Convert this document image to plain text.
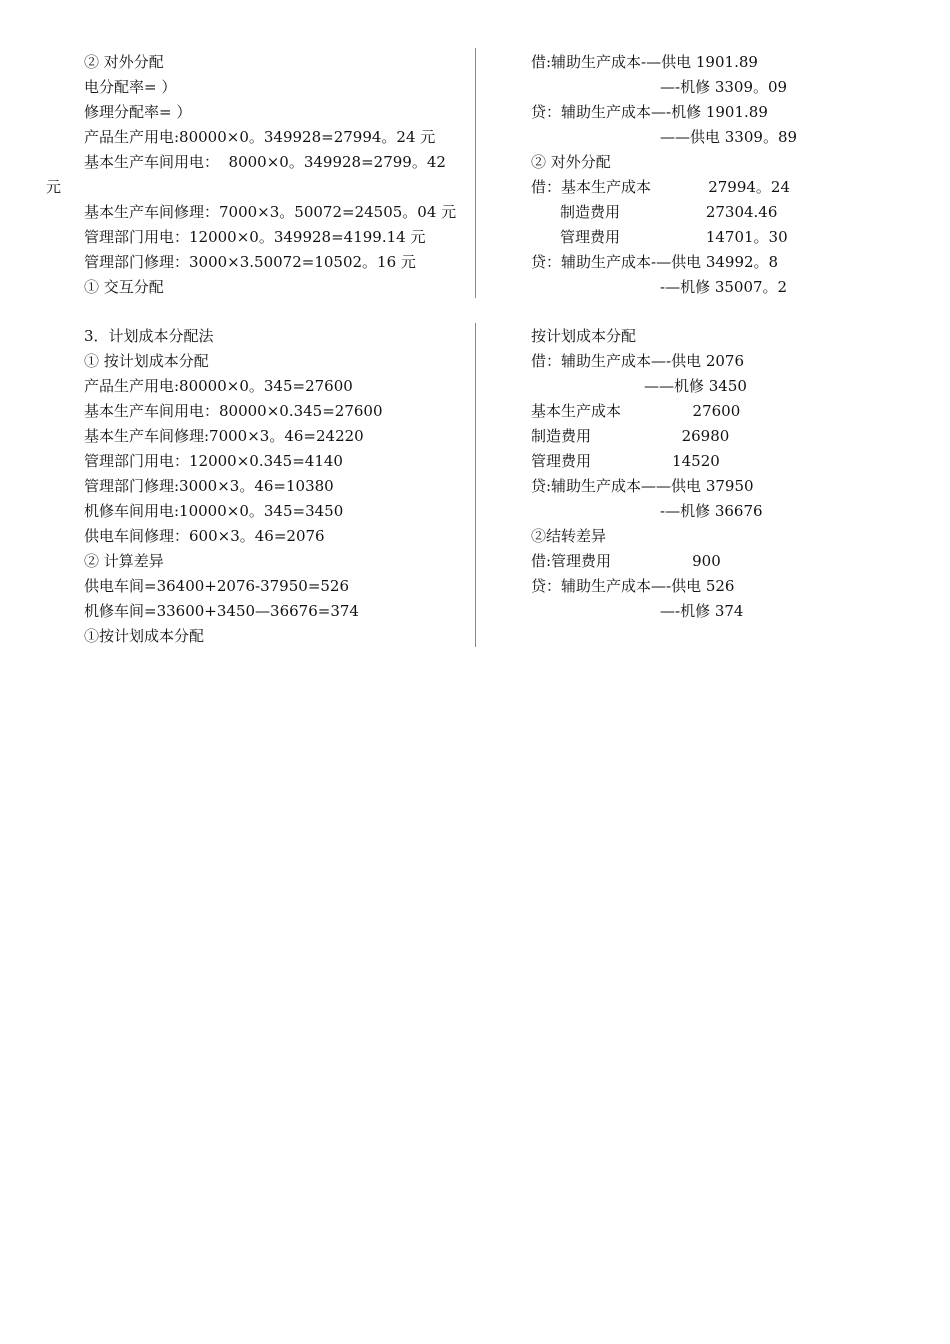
② 对外分配
电分配率= ）
修理分配率= ）
产品生产用电:80000×0。349928=27994。24 元
基本生产车间用电：  8000×0。349928=2799。42
元
基本生产车间修理：7000×3。50072=24505。04 元
管理部门用电：12000×0。349928=4199.14 元
管理部门修理：3000×3.50072=10502。16 元
① 交互分配
借:辅助生产成本-—供电 1901.89
—-机修 3309。09
贷：辅助生产成本—-机修 1901.89
——供电 3309。89
② 对外分配
借：基本生产成本            27994。24
制造费用                  27304.46
管理费用                  14701。30
贷：辅助生产成本-—供电 34992。8
-—机修 35007。2
3．计划成本分配法
① 按计划成本分配
产品生产用电:80000×0。345=27600
基本生产车间用电：80000×0.345=27600
基本生产车间修理:7000×3。46=24220
管理部门用电：12000×0.345=4140
管理部门修理:3000×3。46=10380
机修车间用电:10000×0。345=3450
供电车间修理：600×3。46=2076
② 计算差异
供电车间=36400+2076-37950=526
机修车间=33600+3450—36676=374
①按计划成本分配
按计划成本分配
借：辅助生产成本—-供电 2076
——机修 3450
基本生产成本               27600
制造费用                   26980
管理费用                 14520
贷:辅助生产成本——供电 37950
-—机修 36676
②结转差异
借:管理费用                 900
贷：辅助生产成本—-供电 526
—-机修 374
